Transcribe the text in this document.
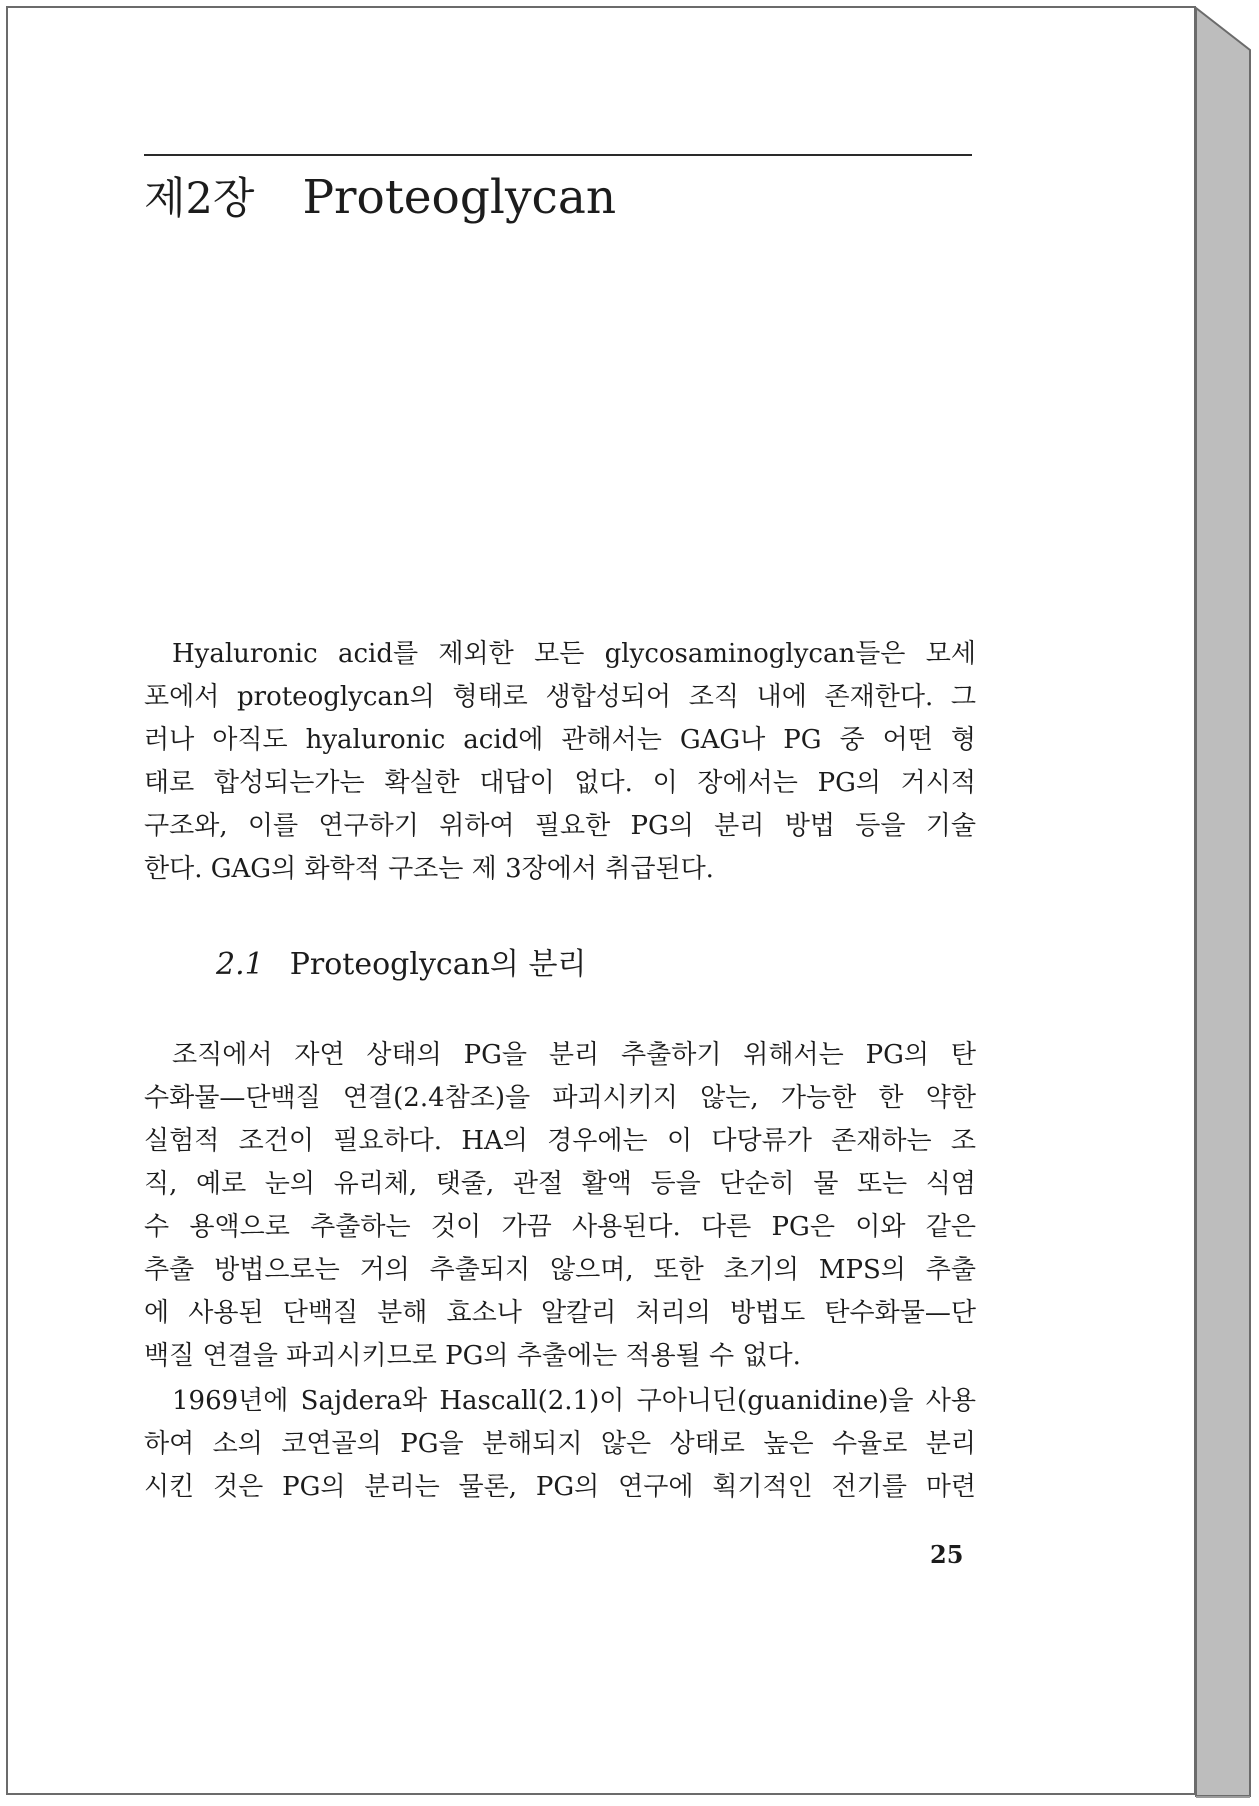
제2장 Proteoglycan
Hyaluronic acid를 제외한 모든 glycosaminoglycan들은 모세
포에서 proteoglycan의 형태로 생합성되어 조직 내에 존재한다. 그
러나 아직도 hyaluronic acid에 관해서는 GAG나 PG 중 어떤 형
태로 합성되는가는 확실한 대답이 없다. 이 장에서는 PG의 거시적
구조와, 이를 연구하기 위하여 필요한 PG의 분리 방법 등을 기술
한다. GAG의 화학적 구조는 제 3장에서 취급된다.
2.1 Proteoglycan의 분리
조직에서 자연 상태의 PG을 분리 추출하기 위해서는 PG의 탄
수화물—단백질 연결(2.4참조)을 파괴시키지 않는, 가능한 한 약한
실험적 조건이 필요하다. HA의 경우에는 이 다당류가 존재하는 조
직, 예로 눈의 유리체, 탯줄, 관절 활액 등을 단순히 물 또는 식염
수 용액으로 추출하는 것이 가끔 사용된다. 다른 PG은 이와 같은
추출 방법으로는 거의 추출되지 않으며, 또한 초기의 MPS의 추출
에 사용된 단백질 분해 효소나 알칼리 처리의 방법도 탄수화물—단
백질 연결을 파괴시키므로 PG의 추출에는 적용될 수 없다.
1969년에 Sajdera와 Hascall(2.1)이 구아니딘(guanidine)을 사용
하여 소의 코연골의 PG을 분해되지 않은 상태로 높은 수율로 분리
시킨 것은 PG의 분리는 물론, PG의 연구에 획기적인 전기를 마련
25
